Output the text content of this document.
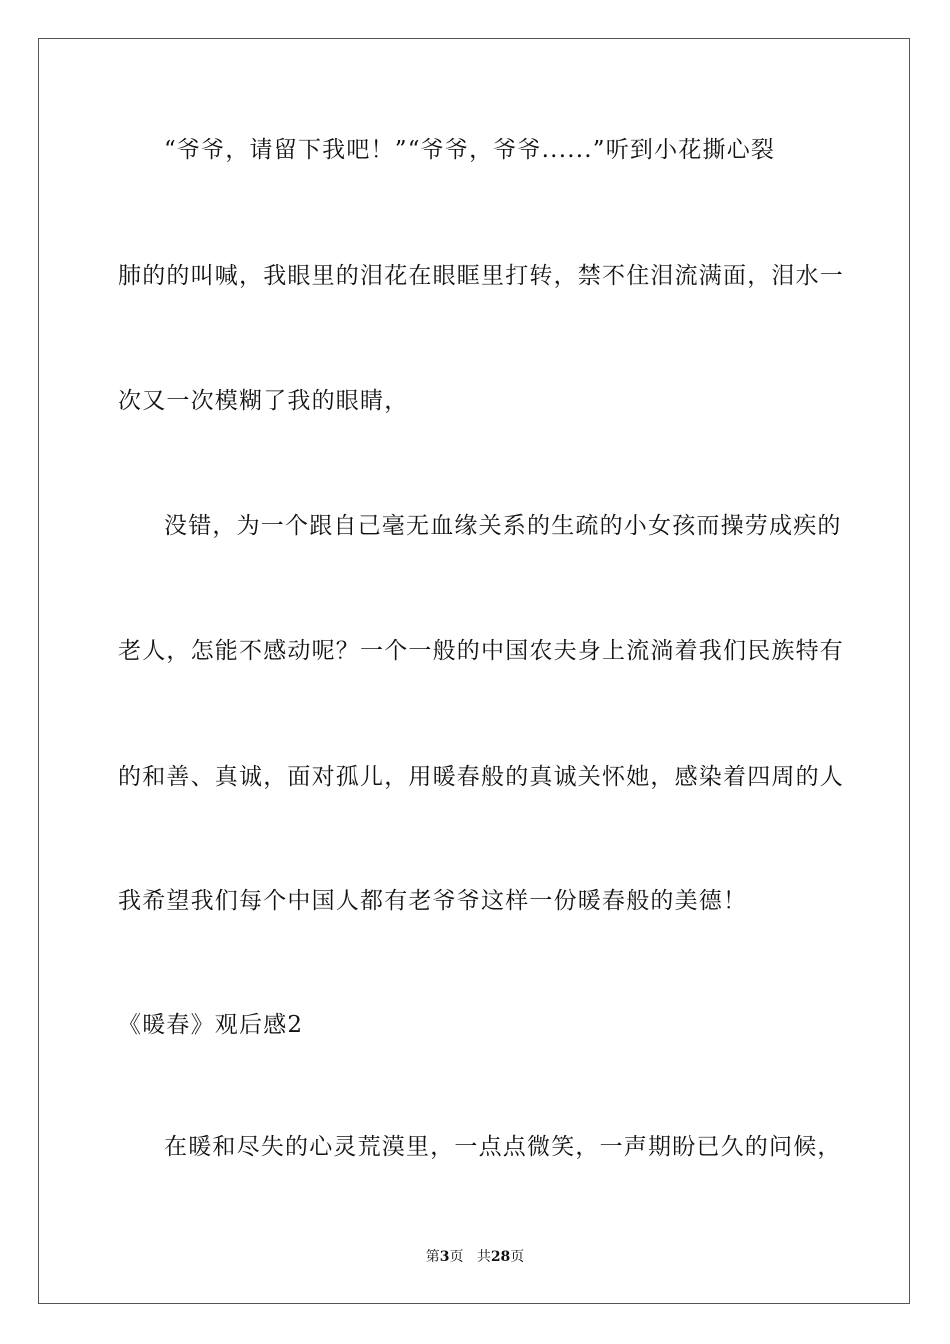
“爷爷，请留下我吧！”“爷爷，爷爷......”听到小花撕心裂
肺的的叫喊，我眼里的泪花在眼眶里打转，禁不住泪流满面，泪水一
次又一次模糊了我的眼睛，
没错，为一个跟自己毫无血缘关系的生疏的小女孩而操劳成疾的
老人，怎能不感动呢？一个一般的中国农夫身上流淌着我们民族特有
的和善、真诚，面对孤儿，用暖春般的真诚关怀她，感染着四周的人
我希望我们每个中国人都有老爷爷这样一份暖春般的美德！
《暖春》观后感2
在暖和尽失的心灵荒漠里，一点点微笑，一声期盼已久的问候，
第3页 共28页
